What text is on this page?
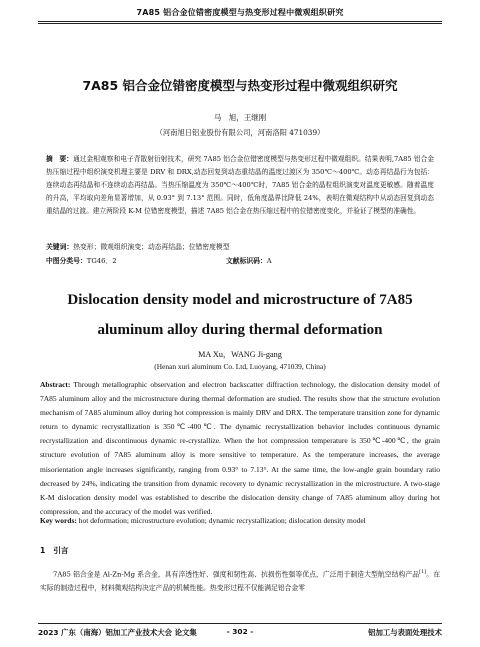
7A85 铝合金位错密度模型与热变形过程中微观组织研究
7A85 铝合金位错密度模型与热变形过程中微观组织研究
马　旭，王继刚
（河南旭日铝业股份有限公司，河南洛阳 471039）
摘　要：通过金相观察和电子背散射衍射技术，研究 7A85 铝合金位错密度模型与热变形过程中微观组织。结果表明,7A85 铝合金热压缩过程中组织演变机理主要是 DRV 和 DRX,动态回复到动态重结晶的温度过渡区为 350℃～400℃。动态再结晶行为包括：连续动态再结晶和不连续动态再结晶。当热压缩温度为 350℃～400℃时，7A85 铝合金的晶粒组织演变对温度更敏感。随着温度的升高，平均取向差角显著增加，从 0.93° 到 7.13° 范围。同时，低角度晶界比降低 24%，表明在微观结构中从动态回复到动态重结晶的过渡。建立两阶段 K-M 位错密度模型，描述 7A85 铝合金在热压缩过程中的位错密度变化，并验证了模型的准确性。
关键词：热变形；微观组织演变；动态再结晶；位错密度模型
中图分类号：TG46．2	文献标识码：A
Dislocation density model and microstructure of 7A85 aluminum alloy during thermal deformation
MA Xu，WANG Ji-gang
(Henan xuri aluminum Co. Ltd, Luoyang, 471039, China)
Abstract: Through metallographic observation and electron backscatter diffraction technology, the dislocation density model of 7A85 aluminum alloy and the microstructure during thermal deformation are studied. The results show that the structure evolution mechanism of 7A85 aluminum alloy during hot compression is mainly DRV and DRX. The temperature transition zone for dynamic return to dynamic recrystallization is 350℃-400℃. The dynamic recrystallization behavior includes continuous dynamic recrystallization and discontinuous dynamic re-crystallize. When the hot compression temperature is 350℃-400℃, the grain structure evolution of 7A85 aluminum alloy is more sensitive to temperature. As the temperature increases, the average misorientation angle increases significantly, ranging from 0.93° to 7.13°. At the same time, the low-angle grain boundary ratio decreased by 24%, indicating the transition from dynamic recovery to dynamic recrystallization in the microstructure. A two-stage K-M dislocation density model was established to describe the dislocation density change of 7A85 aluminum alloy during hot compression, and the accuracy of the model was verified.
Key words: hot deformation; microstructure evolution; dynamic recrystallization; dislocation density model
1 引言
7A85 铝合金是 Al-Zn-Mg 系合金，具有淬透性好、强度和韧性高、抗损伤性强等优点，广泛用于制造大型航空结构产品[1]。在实际的制造过程中，材料微观结构决定产品的机械性能。热变形过程不仅能满足铝合金零
2023 广东（南海）铝加工产业技术大会 论文集	- 302 -	铝加工与表面处理技术
